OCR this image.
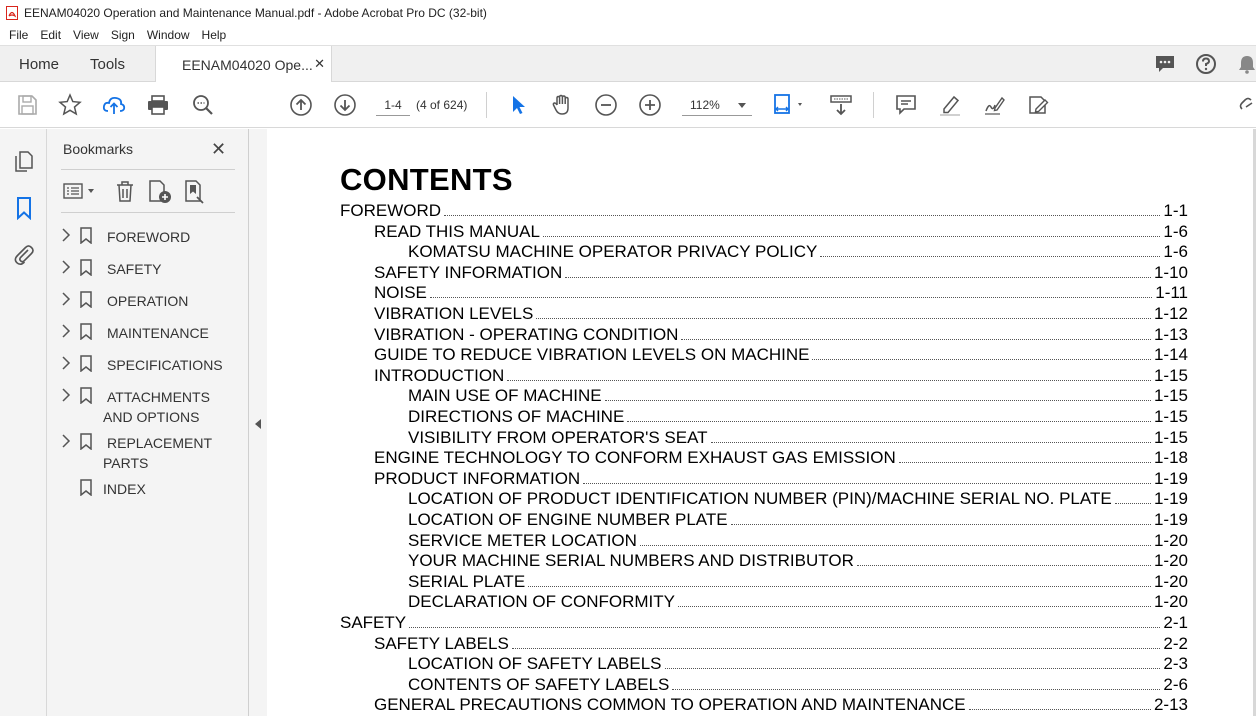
EENAM04020 Operation and Maintenance Manual.pdf - Adobe Acrobat Pro DC (32-bit)
File	Edit	View	Sign	Window	Help
Home Tools	EENAM04020 Ope... ✕
1-4	(4 of 624)	112%
Bookmarks	✕
FOREWORD
SAFETY
OPERATION
MAINTENANCE
SPECIFICATIONS
ATTACHMENTS
AND OPTIONS
REPLACEMENT
PARTS
INDEX
CONTENTS
FOREWORD	1-1
READ THIS MANUAL	1-6
KOMATSU MACHINE OPERATOR PRIVACY POLICY	1-6
SAFETY INFORMATION	1-10
NOISE	1-11
VIBRATION LEVELS	1-12
VIBRATION - OPERATING CONDITION	1-13
GUIDE TO REDUCE VIBRATION LEVELS ON MACHINE	1-14
INTRODUCTION	1-15
MAIN USE OF MACHINE	1-15
DIRECTIONS OF MACHINE	1-15
VISIBILITY FROM OPERATOR'S SEAT	1-15
ENGINE TECHNOLOGY TO CONFORM EXHAUST GAS EMISSION	1-18
PRODUCT INFORMATION	1-19
LOCATION OF PRODUCT IDENTIFICATION NUMBER (PIN)/MACHINE SERIAL NO. PLATE 1-19
LOCATION OF ENGINE NUMBER PLATE	1-19
SERVICE METER LOCATION	1-20
YOUR MACHINE SERIAL NUMBERS AND DISTRIBUTOR	1-20
SERIAL PLATE	1-20
DECLARATION OF CONFORMITY	1-20
SAFETY	2-1
SAFETY LABELS	2-2
LOCATION OF SAFETY LABELS	2-3
CONTENTS OF SAFETY LABELS	2-6
GENERAL PRECAUTIONS COMMON TO OPERATION AND MAINTENANCE	2-13
